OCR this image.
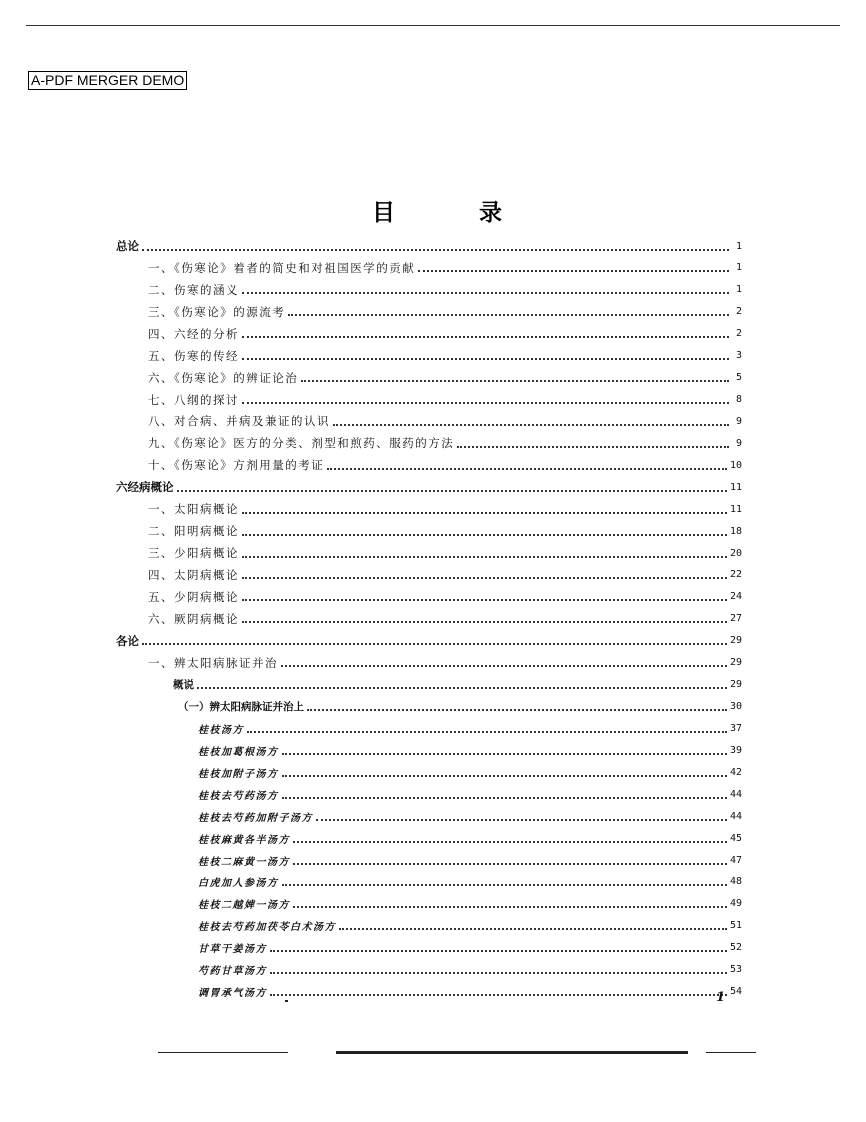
A-PDF MERGER DEMO
目 录
总论	1
一、《伤寒论》着者的简史和对祖国医学的贡献	1
二、伤寒的涵义	1
三、《伤寒论》的源流考	2
四、六经的分析	2
五、伤寒的传经	3
六、《伤寒论》的辨证论治	5
七、八纲的探讨	8
八、对合病、并病及兼证的认识	9
九、《伤寒论》医方的分类、剂型和煎药、服药的方法	9
十、《伤寒论》方剂用量的考证	10
六经病概论	11
一、太阳病概论	11
二、阳明病概论	18
三、少阳病概论	20
四、太阴病概论	22
五、少阴病概论	24
六、厥阴病概论	27
各论	29
一、辨太阳病脉证并治	29
概说	29
（一）辨太阳病脉证并治上	30
桂枝汤方	37
桂枝加葛根汤方	39
桂枝加附子汤方	42
桂枝去芍药汤方	44
桂枝去芍药加附子汤方	44
桂枝麻黄各半汤方	45
桂枝二麻黄一汤方	47
白虎加人参汤方	48
桂枝二越婢一汤方	49
桂枝去芍药加茯苓白术汤方	51
甘草干姜汤方	52
芍药甘草汤方	53
调胃承气汤方	54
1
